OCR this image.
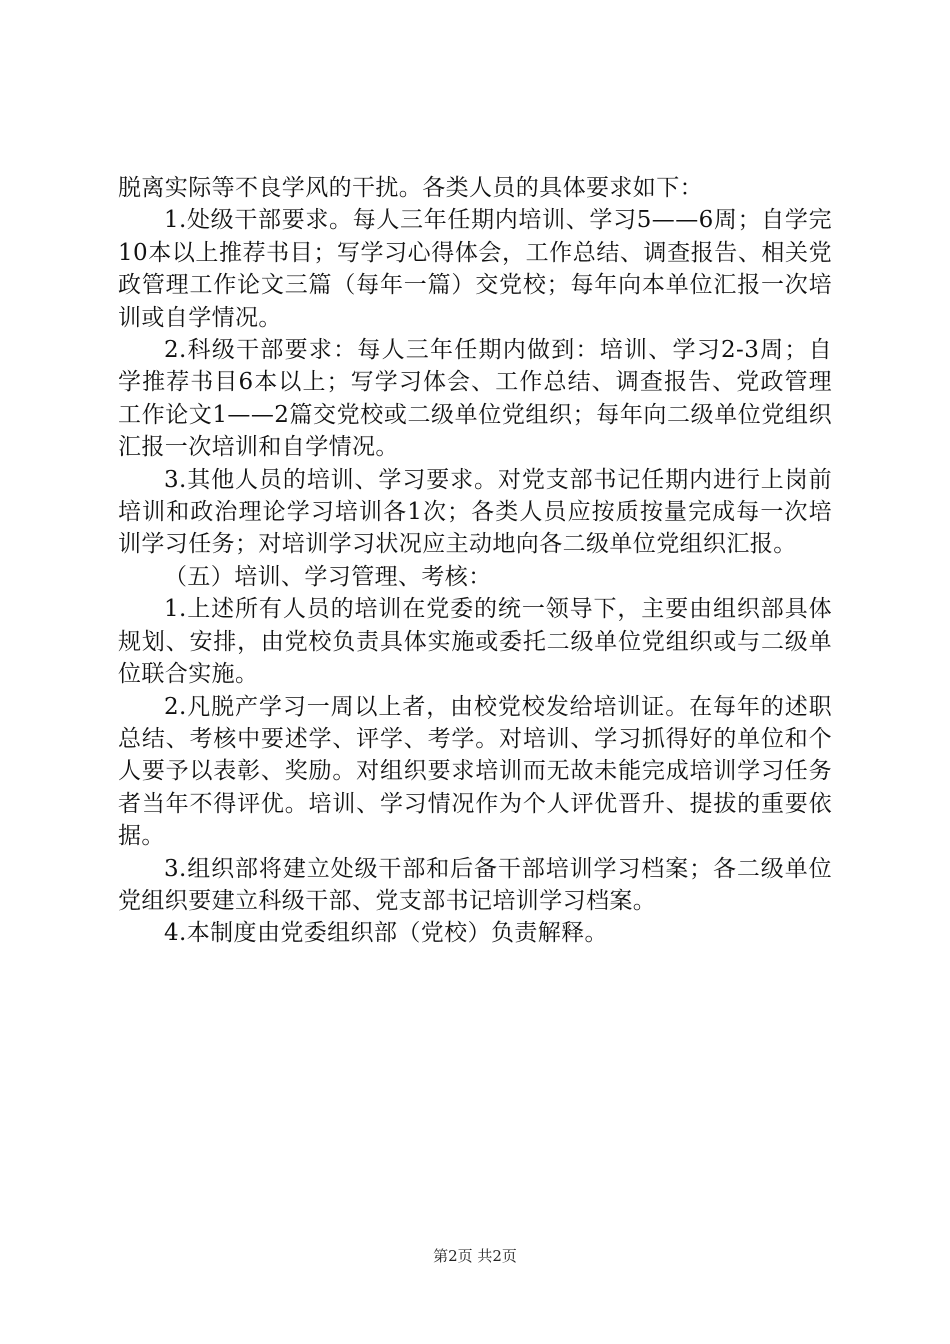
脱离实际等不良学风的干扰。各类人员的具体要求如下：

1.处级干部要求。每人三年任期内培训、学习5——6周；自学完10本以上推荐书目；写学习心得体会，工作总结、调查报告、相关党政管理工作论文三篇（每年一篇）交党校；每年向本单位汇报一次培训或自学情况。

2.科级干部要求：每人三年任期内做到：培训、学习2-3周；自学推荐书目6本以上；写学习体会、工作总结、调查报告、党政管理工作论文1——2篇交党校或二级单位党组织；每年向二级单位党组织汇报一次培训和自学情况。

3.其他人员的培训、学习要求。对党支部书记任期内进行上岗前培训和政治理论学习培训各1次；各类人员应按质按量完成每一次培训学习任务；对培训学习状况应主动地向各二级单位党组织汇报。

（五）培训、学习管理、考核：

1.上述所有人员的培训在党委的统一领导下，主要由组织部具体规划、安排，由党校负责具体实施或委托二级单位党组织或与二级单位联合实施。

2.凡脱产学习一周以上者，由校党校发给培训证。在每年的述职总结、考核中要述学、评学、考学。对培训、学习抓得好的单位和个人要予以表彰、奖励。对组织要求培训而无故未能完成培训学习任务者当年不得评优。培训、学习情况作为个人评优晋升、提拔的重要依据。

3.组织部将建立处级干部和后备干部培训学习档案；各二级单位党组织要建立科级干部、党支部书记培训学习档案。

4.本制度由党委组织部（党校）负责解释。

第2页 共2页
